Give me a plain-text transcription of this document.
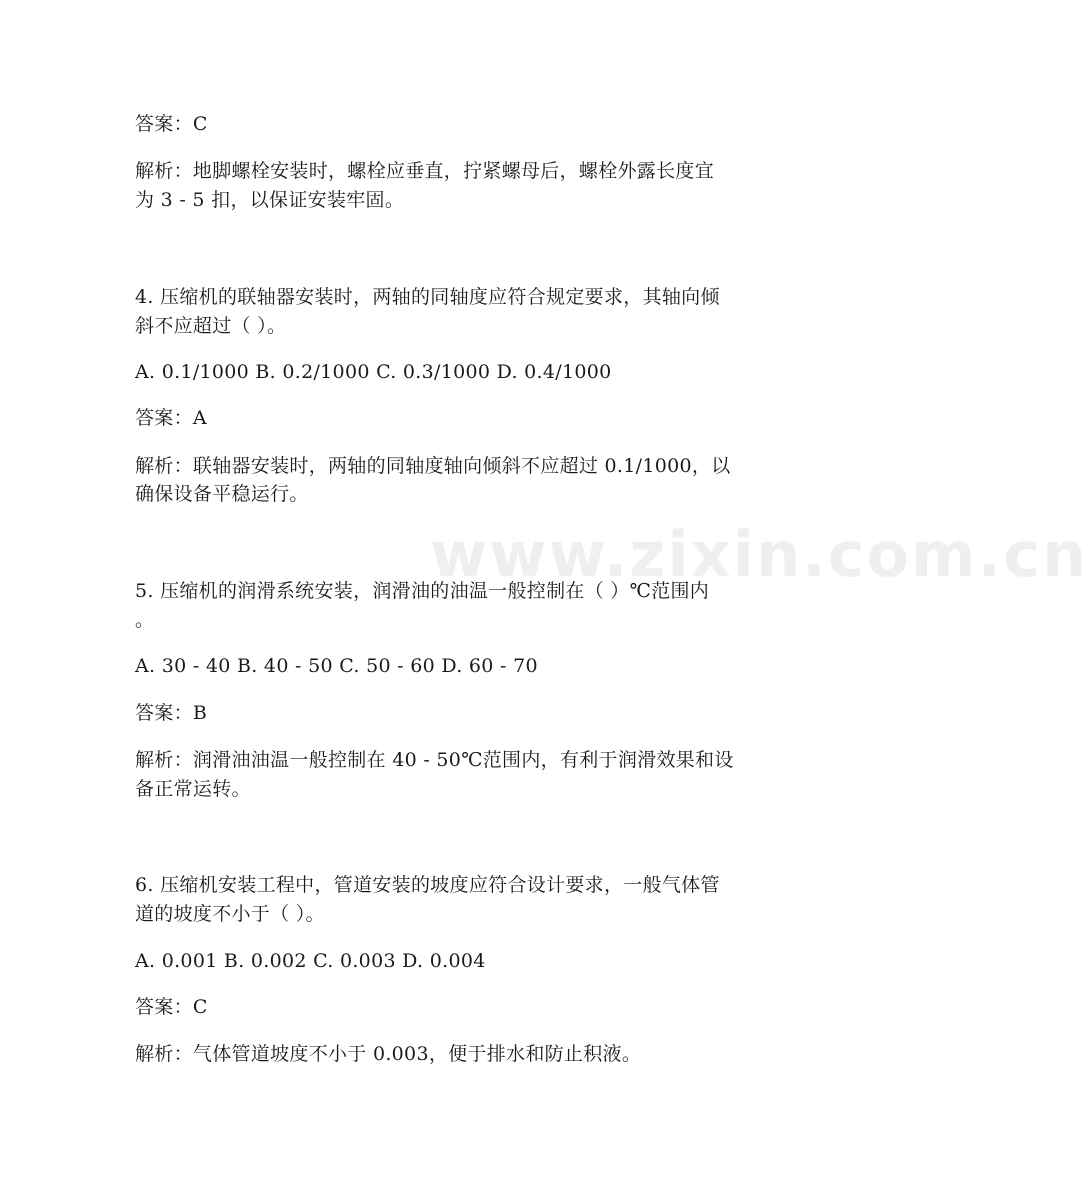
www.zixin.com.cn
答案：C
解析：地脚螺栓安装时，螺栓应垂直，拧紧螺母后，螺栓外露长度宜
为 3 - 5 扣，以保证安装牢固。
4. 压缩机的联轴器安装时，两轴的同轴度应符合规定要求，其轴向倾
斜不应超过（ ）。
A. 0.1/1000 B. 0.2/1000 C. 0.3/1000 D. 0.4/1000
答案：A
解析：联轴器安装时，两轴的同轴度轴向倾斜不应超过 0.1/1000，以
确保设备平稳运行。
5. 压缩机的润滑系统安装，润滑油的油温一般控制在（ ）℃范围内
。
A. 30 - 40 B. 40 - 50 C. 50 - 60 D. 60 - 70
答案：B
解析：润滑油油温一般控制在 40 - 50℃范围内，有利于润滑效果和设
备正常运转。
6. 压缩机安装工程中，管道安装的坡度应符合设计要求，一般气体管
道的坡度不小于（ ）。
A. 0.001 B. 0.002 C. 0.003 D. 0.004
答案：C
解析：气体管道坡度不小于 0.003，便于排水和防止积液。
